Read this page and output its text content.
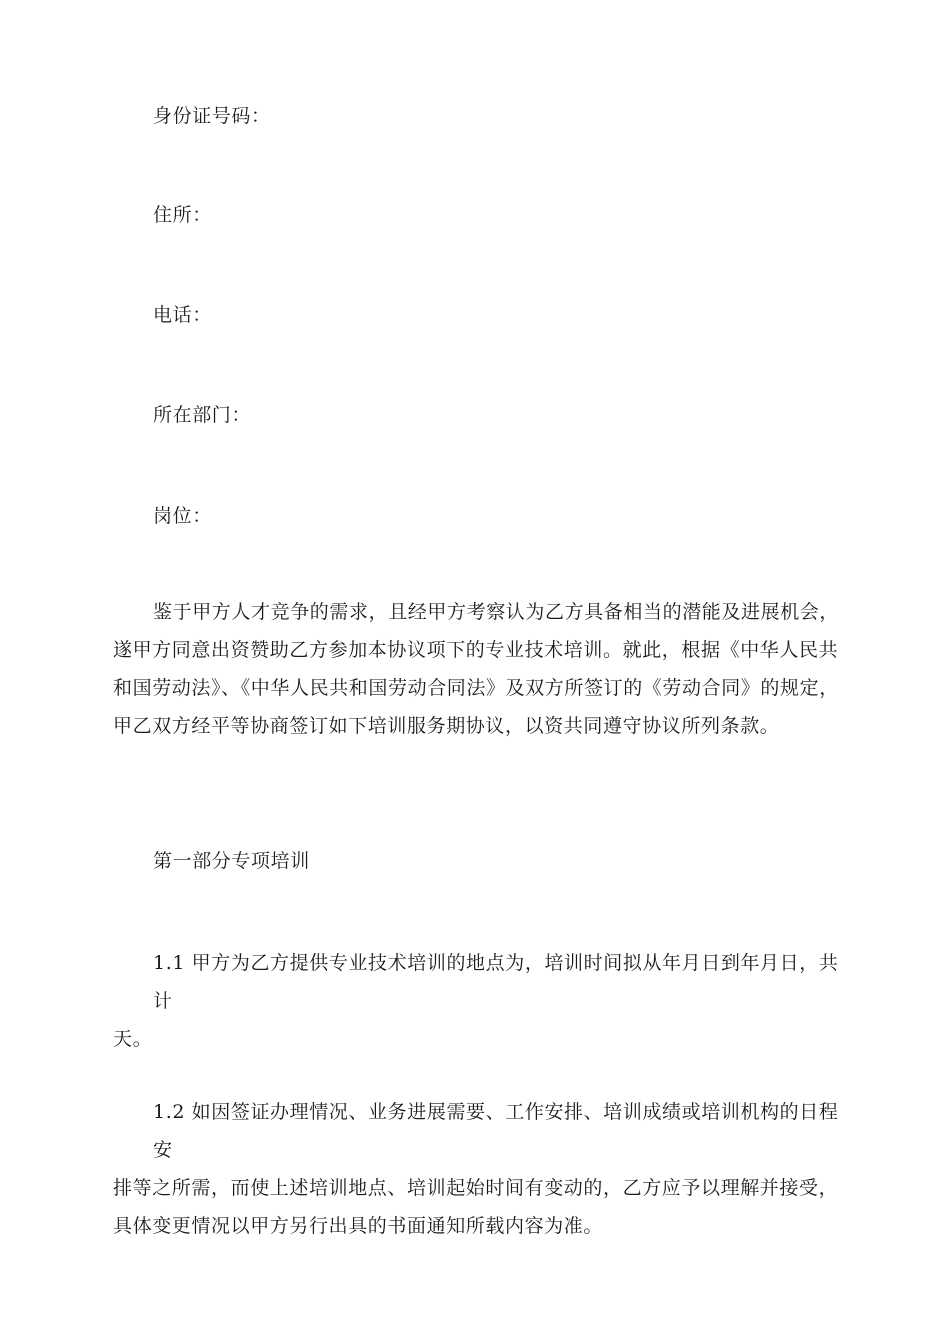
身份证号码：

住所：

电话：

所在部门：

岗位：

鉴于甲方人才竞争的需求，且经甲方考察认为乙方具备相当的潜能及进展机会，

遂甲方同意出资赞助乙方参加本协议项下的专业技术培训。就此，根据《中华人民共

和国劳动法》、《中华人民共和国劳动合同法》及双方所签订的《劳动合同》的规定，

甲乙双方经平等协商签订如下培训服务期协议，以资共同遵守协议所列条款。

第一部分专项培训

1.1 甲方为乙方提供专业技术培训的地点为，培训时间拟从年月日到年月日，共计

天。

1.2 如因签证办理情况、业务进展需要、工作安排、培训成绩或培训机构的日程安

排等之所需，而使上述培训地点、培训起始时间有变动的，乙方应予以理解并接受，

具体变更情况以甲方另行出具的书面通知所载内容为准。
